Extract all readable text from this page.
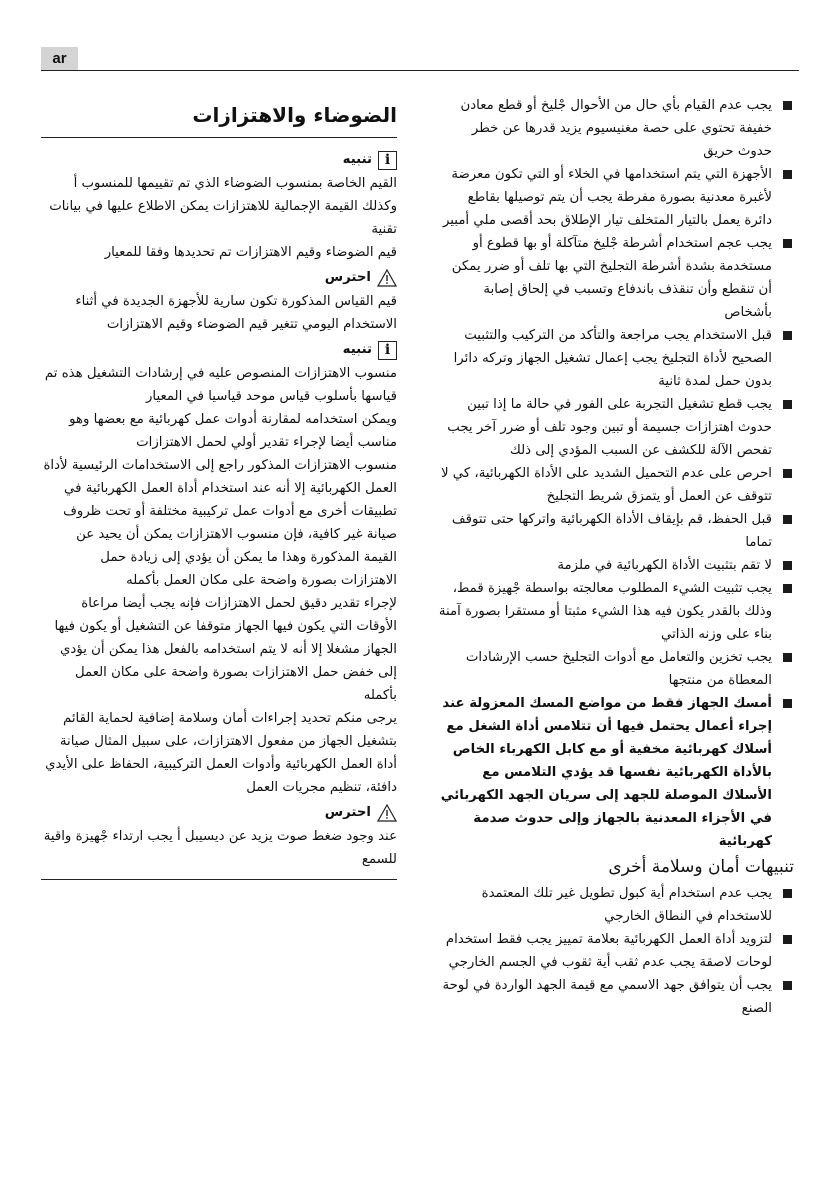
ar
يجب عدم القيام بأي حال من الأحوال جْليخ أو قطع معادن خفيفة تحتوي على حصة مغنيسيوم يزيد قدرها عن خطر حدوث حريق
الأجهزة التي يتم استخدامها في الخلاء أو التي تكون معرضة لأغبرة معدنية بصورة مفرطة يجب أن يتم توصيلها بقاطع دائرة يعمل بالتيار المتخلف تيار الإطلاق بحد أقصى ملي أمبير
يجب عجم استخدام أشرطة جْليخ متآكلة أو بها قطوع أو مستخدمة بشدة أشرطة التجليخ التي بها تلف أو ضرر يمكن أن تنقطع وأن تنقذف باندفاع وتسبب في إلحاق إصابة بأشخاص
قبل الاستخدام يجب مراجعة والتأكد من التركيب والتثبيت الصحيح لأداة التجليخ يجب إعمال تشغيل الجهاز وتركه دائرا بدون حمل لمدة ثانية
يجب قطع تشغيل التجربة على الفور في حالة ما إذا تبين حدوث اهتزازات جسيمة أو تبين وجود تلف أو ضرر آخر يجب تفحص الآلة للكشف عن السبب المؤدي إلى ذلك
احرص على عدم التحميل الشديد على الأداة الكهربائية، كي لا تتوقف عن العمل أو يتمزق شريط التجليخ
قبل الحفظ، قم بإيقاف الأداة الكهربائية واتركها حتى تتوقف تماما
لا تقم بتثبيت الأداة الكهربائية في ملزمة
يجب تثبيت الشيء المطلوب معالجته بواسطة جْهيزة قمط، وذلك بالقدر يكون فيه هذا الشيء مثبتا أو مستقرا بصورة آمنة بناء على وزنه الذاتي
يجب تخزين والتعامل مع أدوات التجليخ حسب الإرشادات المعطاة من منتجها
أمسك الجهاز فقط من مواضع المسك المعزولة عند إجراء أعمال يحتمل فيها أن تتلامس أداة الشغل مع أسلاك كهربائية مخفية أو مع كابل الكهرباء الخاص بالأداة الكهربائية نفسها قد يؤدي التلامس مع الأسلاك الموصلة للجهد إلى سريان الجهد الكهربائي في الأجزاء المعدنية بالجهاز وإلى حدوث صدمة كهربائية
تنبيهات أمان وسلامة أخرى
يجب عدم استخدام أية كبول تطويل غير تلك المعتمدة للاستخدام في النطاق الخارجي
لتزويد أداة العمل الكهربائية بعلامة تمييز يجب فقط استخدام لوحات لاصقة يجب عدم ثقب أية ثقوب في الجسم الخارجي
يجب أن يتوافق جهد الاسمي مع قيمة الجهد الواردة في لوحة الصنع
الضوضاء والاهتزازات
i
تنبيه

القيم الخاصة بمنسوب الضوضاء الذي تم تقييمها للمنسوب أ وكذلك القيمة الإجمالية للاهتزازات يمكن الاطلاع عليها في بيانات تقنية

قيم الضوضاء وقيم الاهتزازات تم تحديدها وفقا للمعيار

احترس

قيم القياس المذكورة تكون سارية للأجهزة الجديدة في أثناء الاستخدام اليومي تتغير قيم الضوضاء وقيم الاهتزازات

i
تنبيه

منسوب الاهتزازات المنصوص عليه في إرشادات التشغيل هذه تم قياسها بأسلوب قياس موحد قياسيا في المعيار

ويمكن استخدامه لمقارنة أدوات عمل كهربائية مع بعضها وهو مناسب أيضا لإجراء تقدير أولي لحمل الاهتزازات

منسوب الاهتزازات المذكور راجع إلى الاستخدامات الرئيسية لأداة العمل الكهربائية إلا أنه عند استخدام أداة العمل الكهربائية في تطبيقات أخرى مع أدوات عمل تركيبية مختلفة أو تحت ظروف صيانة غير كافية، فإن منسوب الاهتزازات يمكن أن يحيد عن القيمة المذكورة وهذا ما يمكن أن يؤدي إلى زيادة حمل الاهتزازات بصورة واضحة على مكان العمل بأكمله

لإجراء تقدير دقيق لحمل الاهتزازات فإنه يجب أيضا مراعاة الأوقات التي يكون فيها الجهاز متوقفا عن التشغيل أو يكون فيها الجهاز مشغلا إلا أنه لا يتم استخدامه بالفعل هذا يمكن أن يؤدي إلى خفض حمل الاهتزازات بصورة واضحة على مكان العمل بأكمله

يرجى منكم تحديد إجراءات أمان وسلامة إضافية لحماية القائم بتشغيل الجهاز من مفعول الاهتزازات، على سبيل المثال صيانة أداة العمل الكهربائية وأدوات العمل التركيبية، الحفاظ على الأيدي دافئة، تنظيم مجريات العمل

احترس

عند وجود ضغط صوت يزيد عن ديسيبل أ يجب ارتداء جْهيزة واقية للسمع
